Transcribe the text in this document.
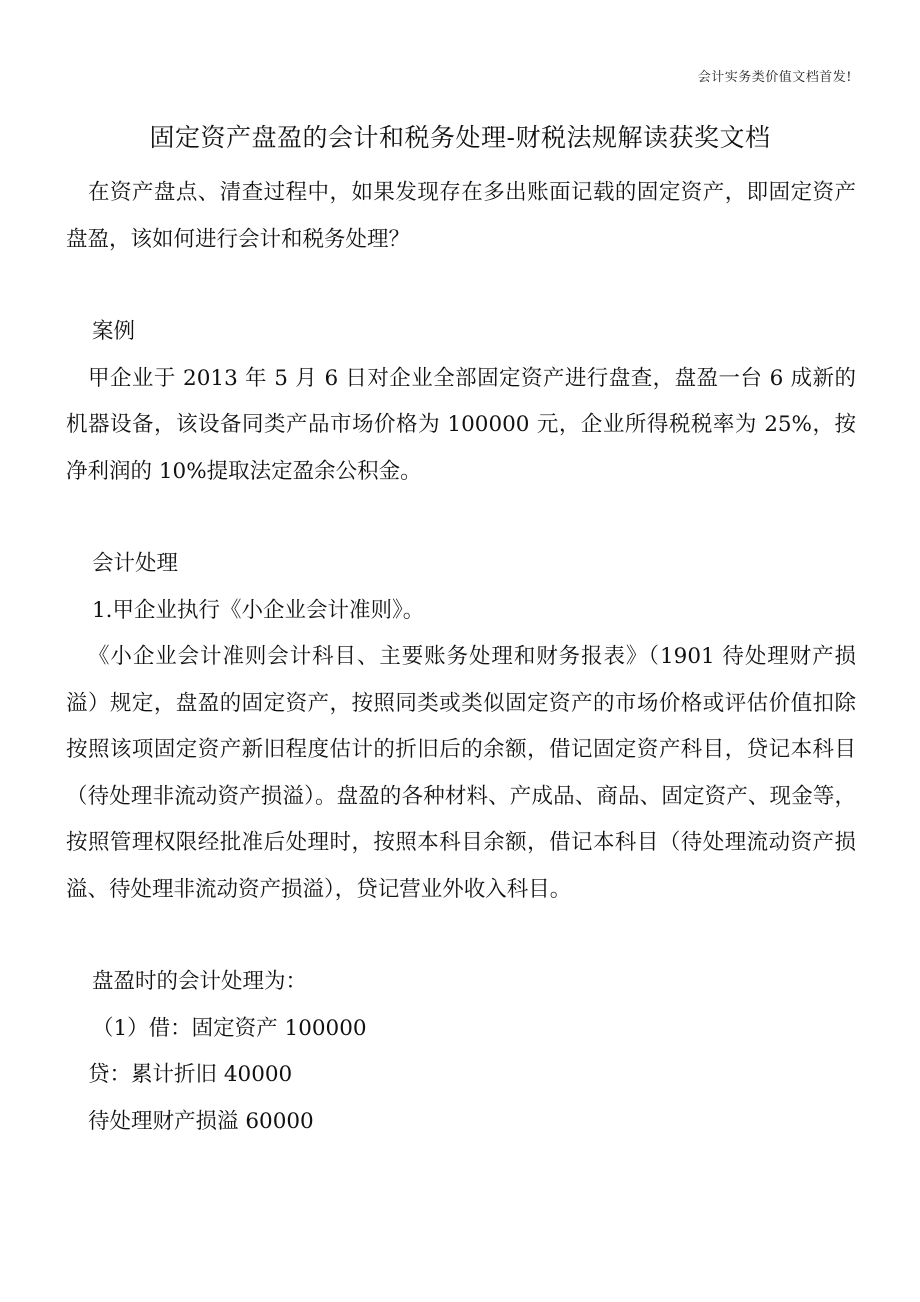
会计实务类价值文档首发!
固定资产盘盈的会计和税务处理-财税法规解读获奖文档

在资产盘点、清查过程中，如果发现存在多出账面记载的固定资产，即固定资产盘盈，该如何进行会计和税务处理？

案例

甲企业于 2013 年 5 月 6 日对企业全部固定资产进行盘查，盘盈一台 6 成新的机器设备，该设备同类产品市场价格为 100000 元，企业所得税税率为 25%，按净利润的 10%提取法定盈余公积金。

会计处理

1.甲企业执行《小企业会计准则》。

《小企业会计准则会计科目、主要账务处理和财务报表》（1901 待处理财产损溢）规定，盘盈的固定资产，按照同类或类似固定资产的市场价格或评估价值扣除按照该项固定资产新旧程度估计的折旧后的余额，借记固定资产科目，贷记本科目（待处理非流动资产损溢）。盘盈的各种材料、产成品、商品、固定资产、现金等，按照管理权限经批准后处理时，按照本科目余额，借记本科目（待处理流动资产损溢、待处理非流动资产损溢），贷记营业外收入科目。

盘盈时的会计处理为：

（1）借：固定资产 100000

贷：累计折旧 40000

待处理财产损溢 60000
